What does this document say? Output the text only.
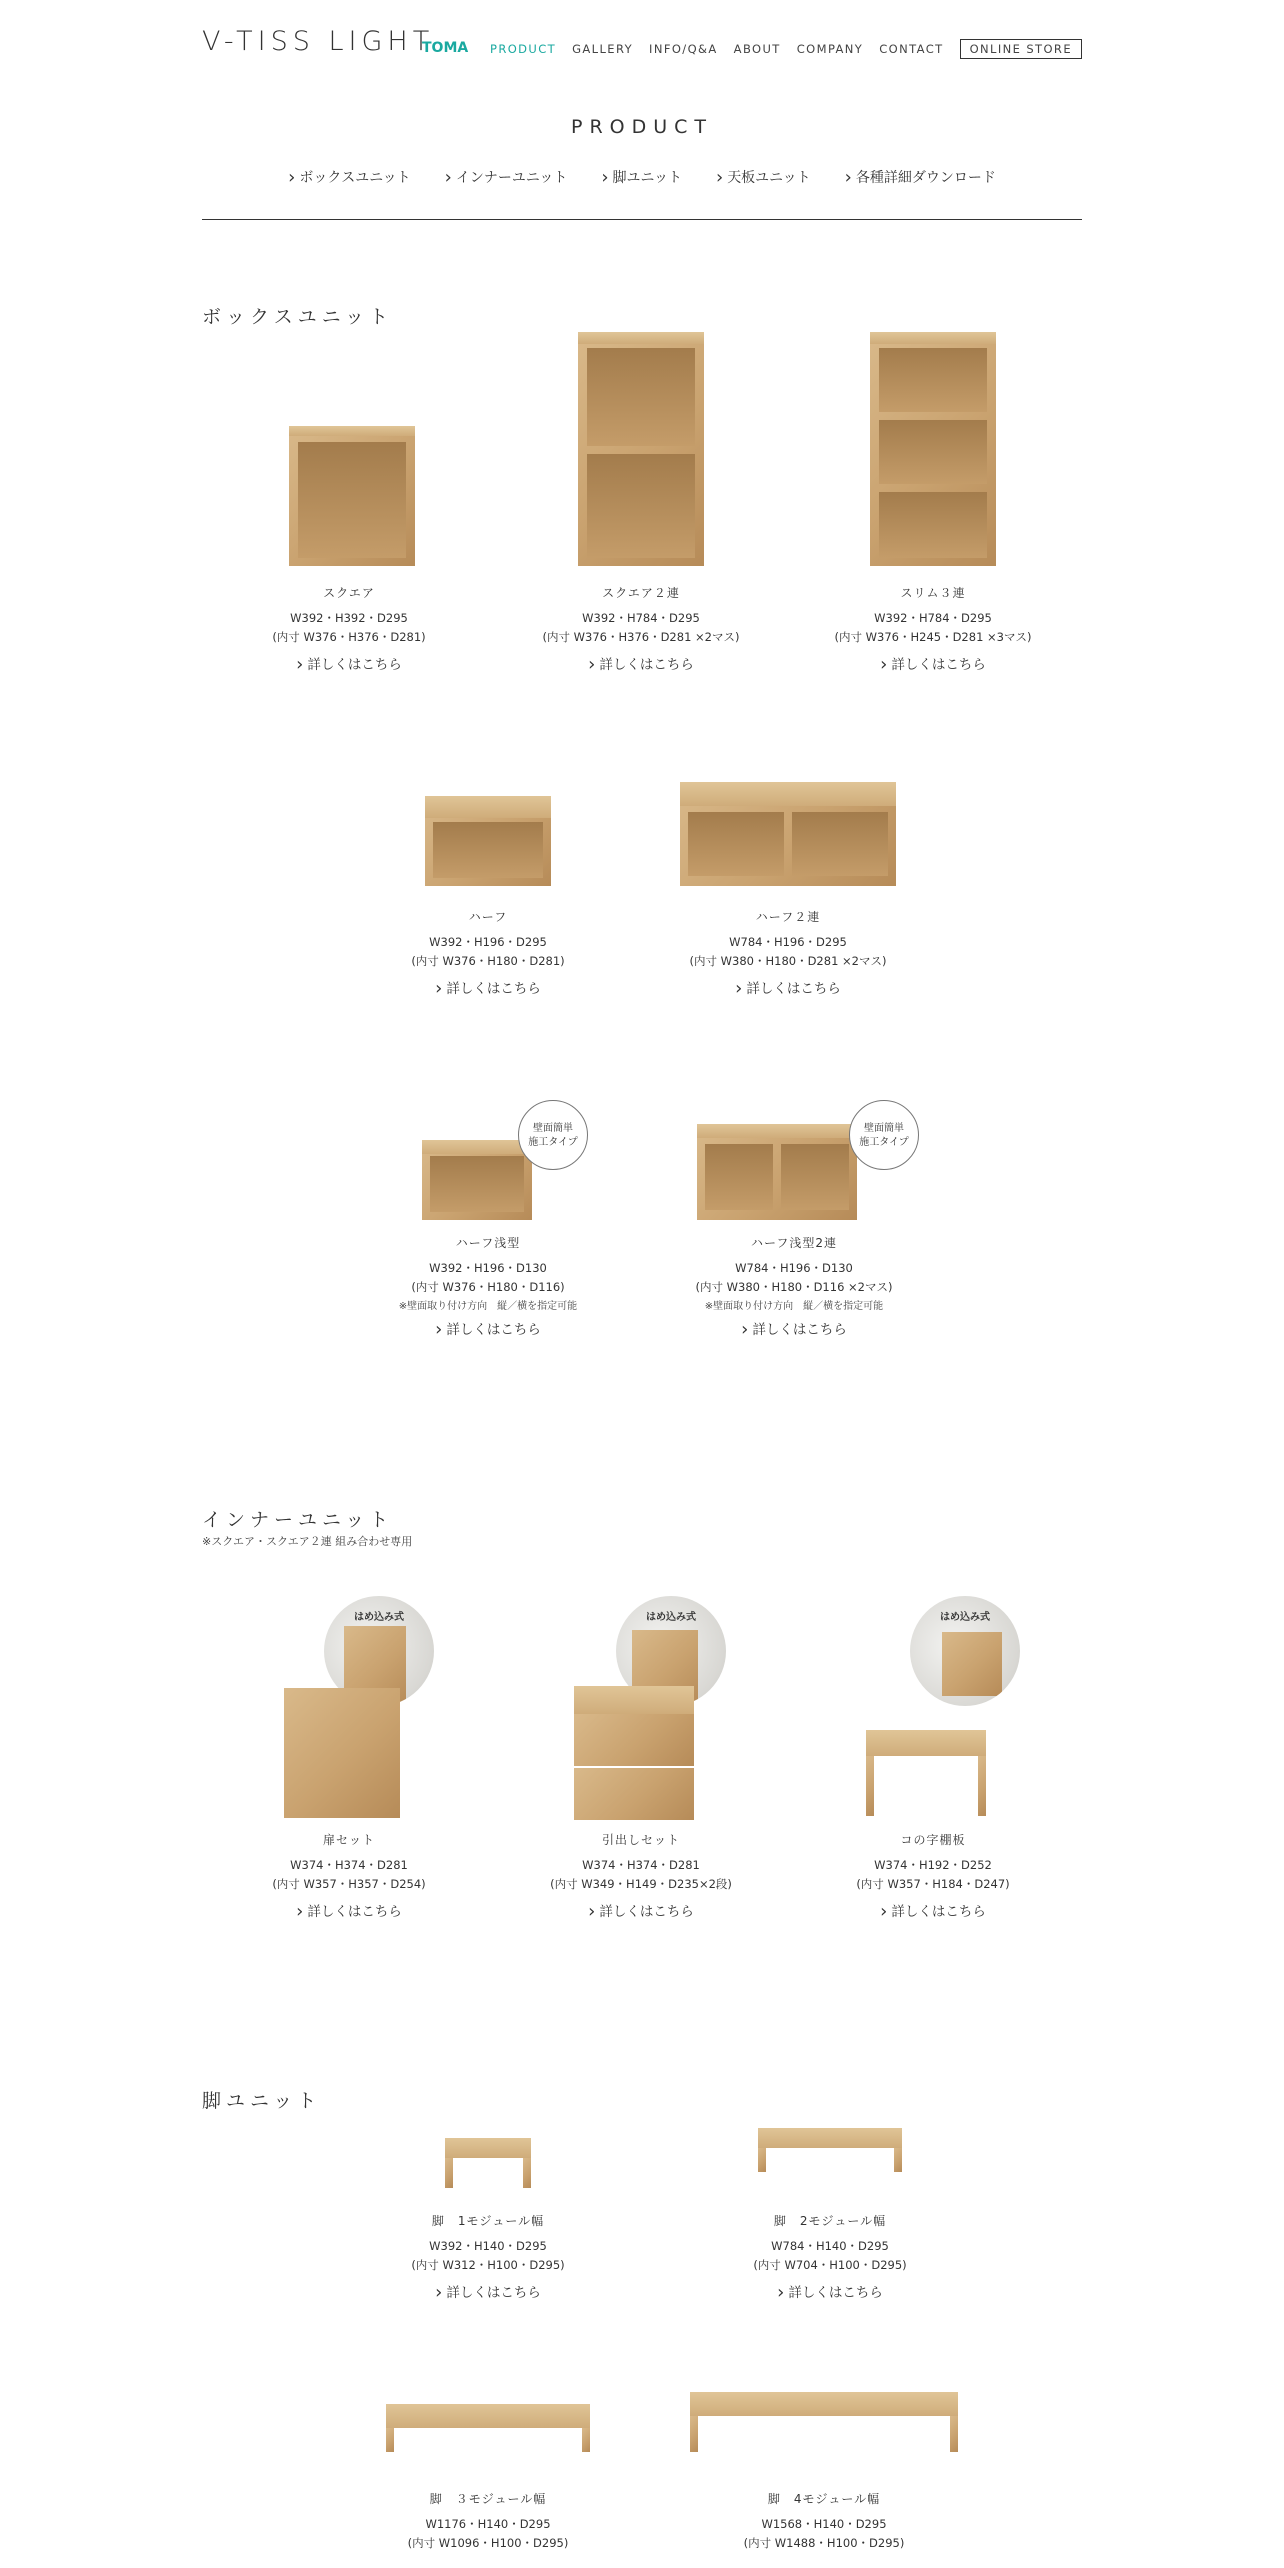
V-TISS LIGHT
TOMA PRODUCT GALLERY INFO/Q&A ABOUT COMPANY CONTACT	ONLINE STORE
PRODUCT
› ボックスユニット	› インナーユニット	› 脚ユニット	› 天板ユニット	› 各種詳細ダウンロード
ボックスユニット
スクエア
W392・H392・D295
(内寸 W376・H376・D281)
› 詳しくはこちら
スクエア２連
W392・H784・D295
(内寸 W376・H376・D281 ×2マス)
› 詳しくはこちら
スリム３連
W392・H784・D295
(内寸 W376・H245・D281 ×3マス)
› 詳しくはこちら
ハーフ
W392・H196・D295
(内寸 W376・H180・D281)
› 詳しくはこちら
ハーフ２連
W784・H196・D295
(内寸 W380・H180・D281 ×2マス)
› 詳しくはこちら
壁面簡単
施工タイプ
ハーフ浅型
W392・H196・D130
(内寸 W376・H180・D116)
※壁面取り付け方向　縦／横を指定可能
› 詳しくはこちら
壁面簡単
施工タイプ
ハーフ浅型2連
W784・H196・D130
(内寸 W380・H180・D116 ×2マス)
※壁面取り付け方向　縦／横を指定可能
› 詳しくはこちら
インナーユニット
※スクエア・スクエア２連 組み合わせ専用
はめ込み式
扉セット
W374・H374・D281
(内寸 W357・H357・D254)
› 詳しくはこちら
はめ込み式
引出しセット
W374・H374・D281
(内寸 W349・H149・D235×2段)
› 詳しくはこちら
はめ込み式
コの字棚板
W374・H192・D252
(内寸 W357・H184・D247)
› 詳しくはこちら
脚ユニット
脚　1モジュール幅
W392・H140・D295
(内寸 W312・H100・D295)
› 詳しくはこちら
脚　2モジュール幅
W784・H140・D295
(内寸 W704・H100・D295)
› 詳しくはこちら
脚　３モジュール幅
W1176・H140・D295
(内寸 W1096・H100・D295)
脚　4モジュール幅
W1568・H140・D295
(内寸 W1488・H100・D295)
